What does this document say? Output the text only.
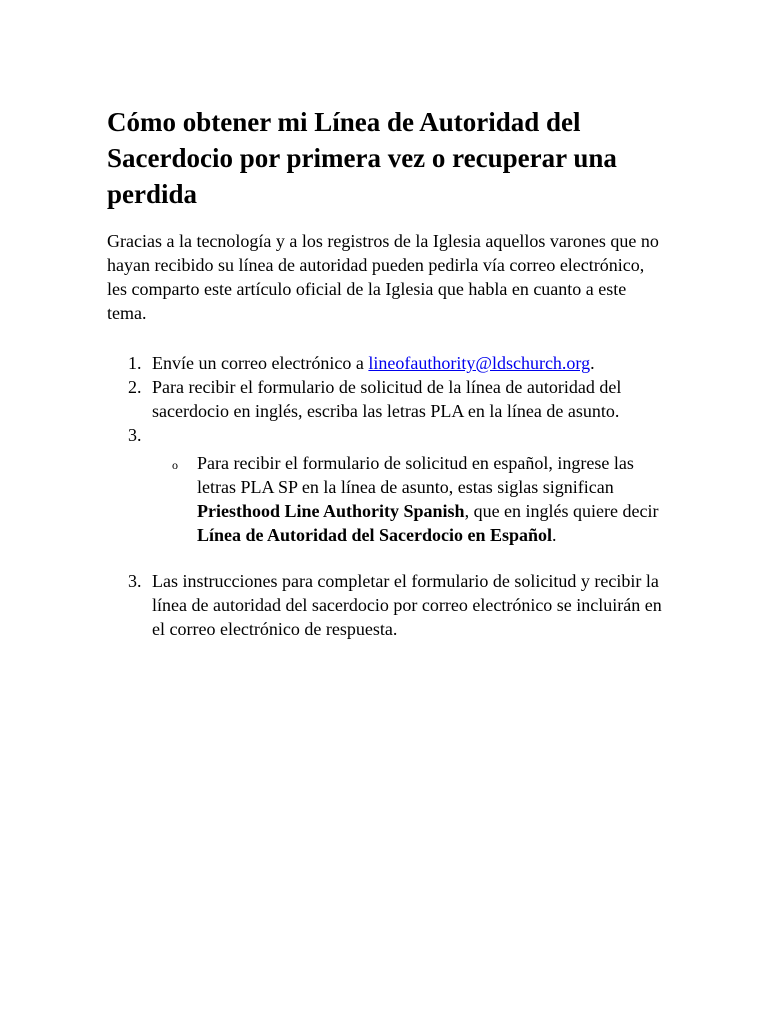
Cómo obtener mi Línea de Autoridad del Sacerdocio por primera vez o recuperar una perdida

Gracias a la tecnología y a los registros de la Iglesia aquellos varones que no hayan recibido su línea de autoridad pueden pedirla vía correo electrónico, les comparto este artículo oficial de la Iglesia que habla en cuanto a este tema.

1. Envíe un correo electrónico a lineofauthority@ldschurch.org.
2. Para recibir el formulario de solicitud de la línea de autoridad del sacerdocio en inglés, escriba las letras PLA en la línea de asunto.
3.

o Para recibir el formulario de solicitud en español, ingrese las letras PLA SP en la línea de asunto, estas siglas significan Priesthood Line Authority Spanish, que en inglés quiere decir Línea de Autoridad del Sacerdocio en Español.
3. Las instrucciones para completar el formulario de solicitud y recibir la línea de autoridad del sacerdocio por correo electrónico se incluirán en el correo electrónico de respuesta.
